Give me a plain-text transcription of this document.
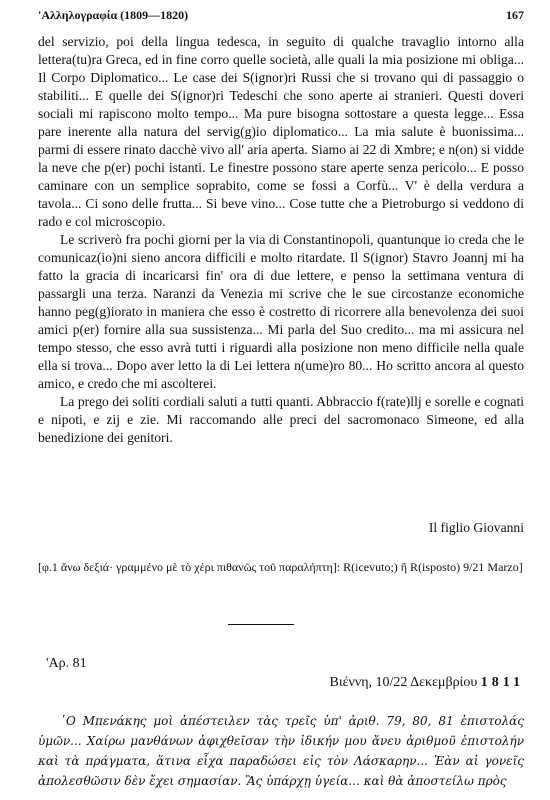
'Αλληλογραφία (1809—1820)	167

del servizio, poi della lingua tedesca, in seguito di qualche travaglio intorno alla lettera(tu)ra Greca, ed in fine corro quelle società, alle quali la mia posizione mi obliga... Il Corpo Diplomatico... Le case dei S(ignor)ri Russi che si trovano qui di passaggio o stabiliti... E quelle dei S(ignor)ri Tedeschi che sono aperte ai stranieri. Questi doveri sociali mi rapiscono molto tempo... Ma pure bisogna sottostare a questa legge... Essa pare inerente alla natura del servig(g)io diplomatico... La mia salute è buonissima... parmi di essere rinato dacchè vivo all' aria aperta. Siamo ai 22 di Xmbre; e n(on) si vidde la neve che p(er) pochi istanti. Le finestre possono stare aperte senza pericolo... E posso caminare con un semplice soprabito, come se fossi a Corfù... V' è della verdura a tavola... Ci sono delle frutta... Si beve vino... Cose tutte che a Pietroburgo si veddono di rado e col microscopio.

Le scriverò fra pochi giorni per la via di Constantinopoli, quantunque io creda che le comunicaz(io)ni sieno ancora difficili e molto ritardate. Il S(ignor) Stavro Joannj mi ha fatto la gracia di incaricarsi fin' ora di due lettere, e penso la settimana ventura di passargli una terza. Naranzi da Venezia mi scrive che le sue circostanze economiche hanno peg(g)iorato in maniera che esso è costretto di ricorrere alla benevolenza dei suoi amici p(er) fornire alla sua sussistenza... Mi parla del Suo credito... ma mi assicura nel tempo stesso, che esso avrà tutti i riguardi alla posizione non meno difficile nella quale ella si trova... Dopo aver letto la di Lei lettera n(ume)ro 80... Ho scritto ancora al questo amico, e credo che mi ascolterei.

La prego dei soliti cordiali saluti a tutti quanti. Abbraccio f(rate)llj e sorelle e cognati e nipoti, e zij e zie. Mi raccomando alle preci del sacromonaco Simeone, ed alla benedizione dei genitori.

Il figlio Giovanni
[φ.1 ἄνω δεξιά· γραμμένο μὲ τὸ χέρι πιθανῶς τοῦ παραλήπτη]: R(icevuto;) ἢ R(isposto) 9/21 Marzo]
'Αρ. 81
Βιέννη, 10/22 Δεκεμβρίου 1811

῾Ο Μπενάκης μοὶ ἀπέστειλεν τὰς τρεῖς ὑπ' ἀριθ. 79, 80, 81 ἐπιστολάς ὑμῶν... Χαίρω μανθάνων ἀφιχθεῖσαν τὴν ἰδικήν μου ἄνευ ἀριθμοῦ ἐπιστολήν καὶ τὰ πράγματα, ἅτινα εἶχα παραδώσει εἰς τὸν Λάσκαρην... Ἐὰν αἱ γονεῖς ἀπολεσθῶσιν δὲν ἔχει σημασίαν. Ἂς ὑπάρχῃ ὑγεία... καὶ θὰ ἀποστείλω πρὸς
